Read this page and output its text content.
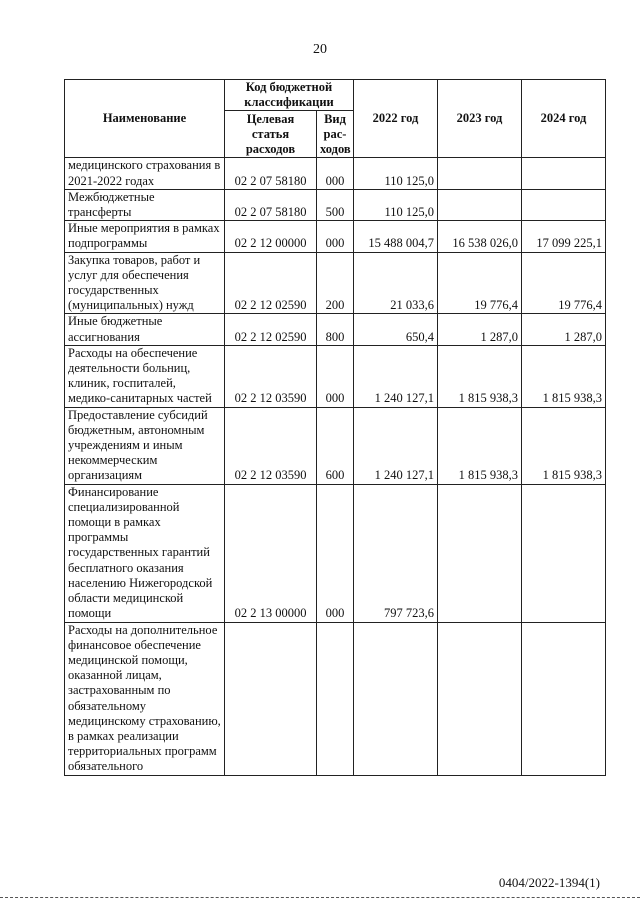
20
Наименование	Код бюджетной классификации		2022 год	2023 год	2024 год
	Целевая статья расходов	Вид рас-ходов			
медицинского страхования в 2021-2022 годах	02 2 07 58180	000	110 125,0		
Межбюджетные трансферты	02 2 07 58180	500	110 125,0		
Иные мероприятия в рамках подпрограммы	02 2 12 00000	000	15 488 004,7	16 538 026,0	17 099 225,1
Закупка товаров, работ и услуг для обеспечения государственных (муниципальных) нужд	02 2 12 02590	200	21 033,6	19 776,4	19 776,4
Иные бюджетные ассигнования	02 2 12 02590	800	650,4	1 287,0	1 287,0
Расходы на обеспечение деятельности больниц, клиник, госпиталей, медико-санитарных частей	02 2 12 03590	000	1 240 127,1	1 815 938,3	1 815 938,3
Предоставление субсидий бюджетным, автономным учреждениям и иным некоммерческим организациям	02 2 12 03590	600	1 240 127,1	1 815 938,3	1 815 938,3
Финансирование специализированной помощи в рамках программы государственных гарантий бесплатного оказания населению Нижегородской области медицинской помощи	02 2 13 00000	000	797 723,6		
Расходы на дополнительное финансовое обеспечение медицинской помощи, оказанной лицам, застрахованным по обязательному медицинскому страхованию, в рамках реализации территориальных программ обязательного					
0404/2022-1394(1)
